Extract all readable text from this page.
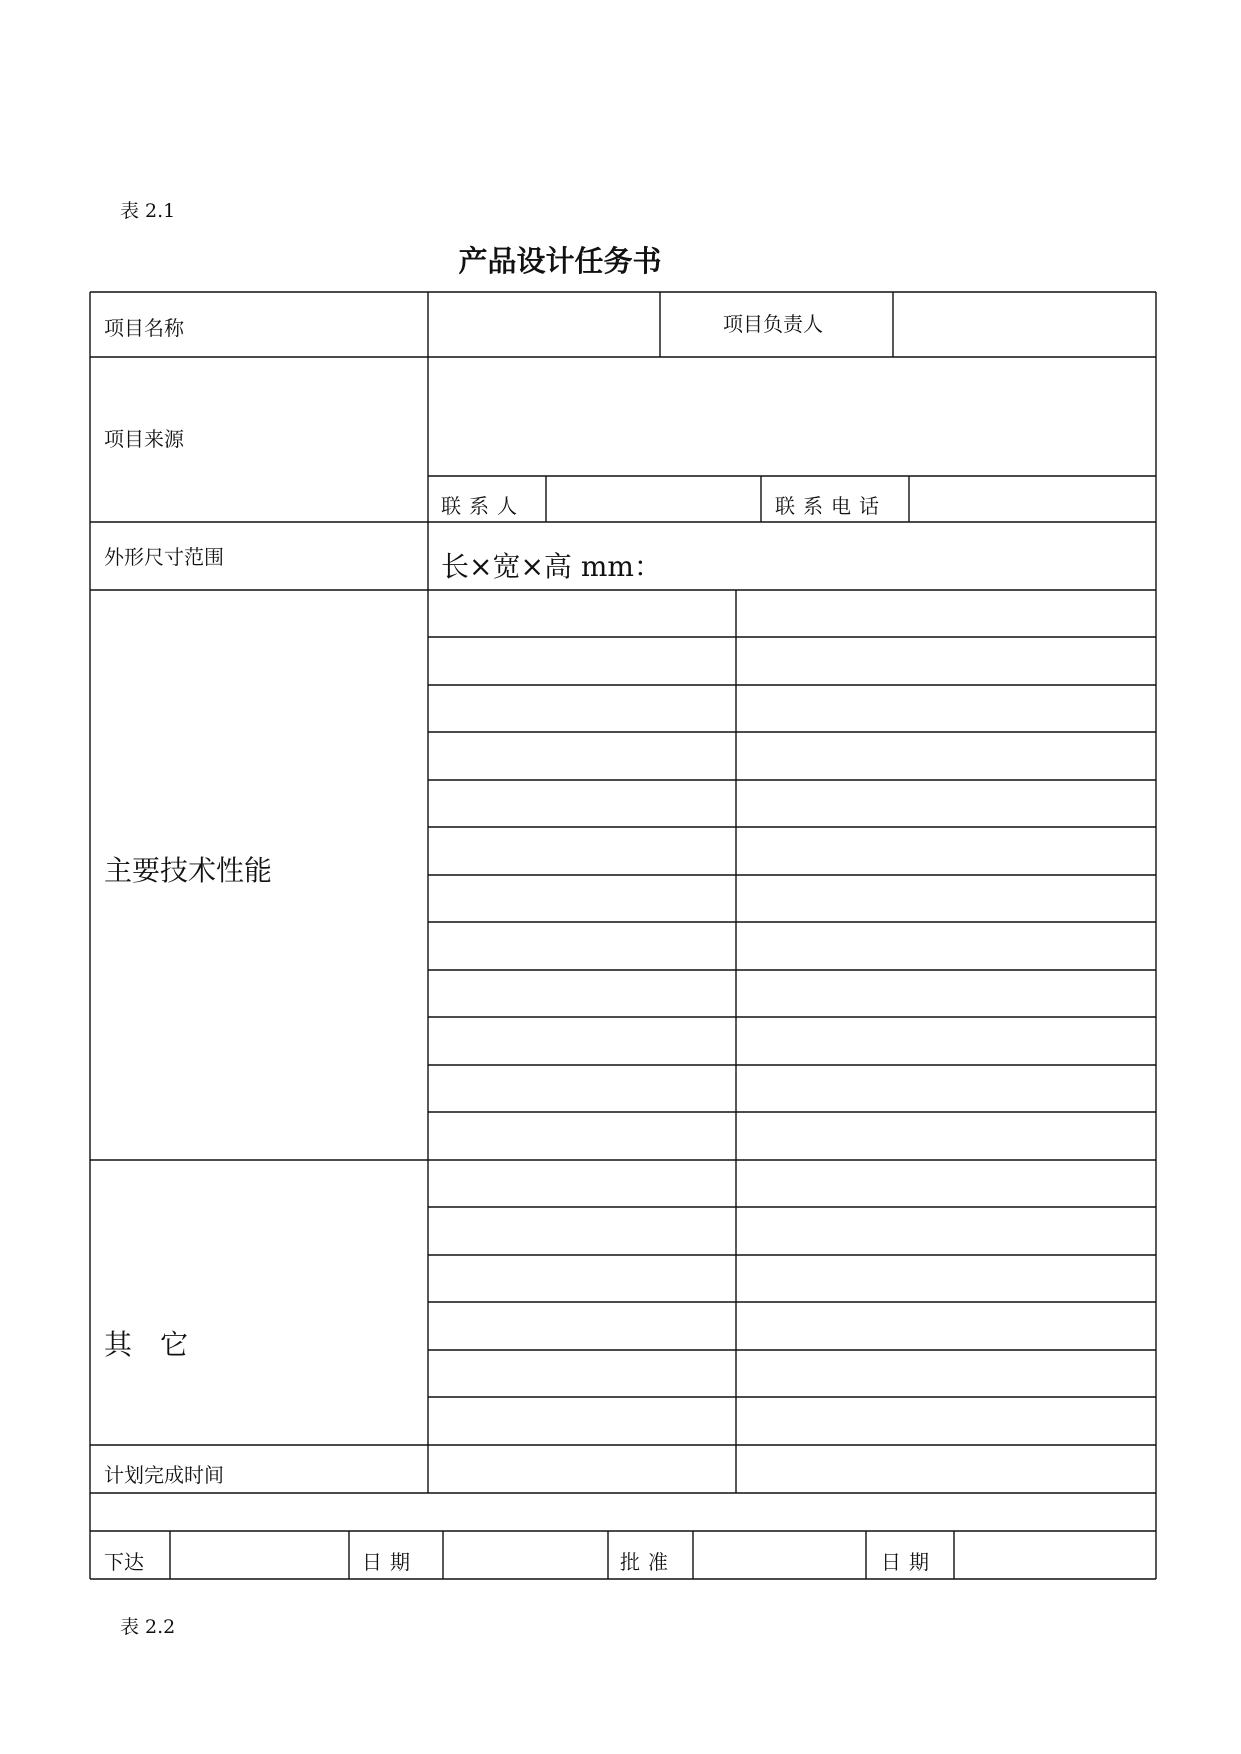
表 2.1
产品设计任务书
项目名称	项目负责人
项目来源
联系人	联系电话
外形尺寸范围	长×宽×高 mm：
主要技术性能
其　它
计划完成时间
下达	日期	批准	日期
表 2.2
